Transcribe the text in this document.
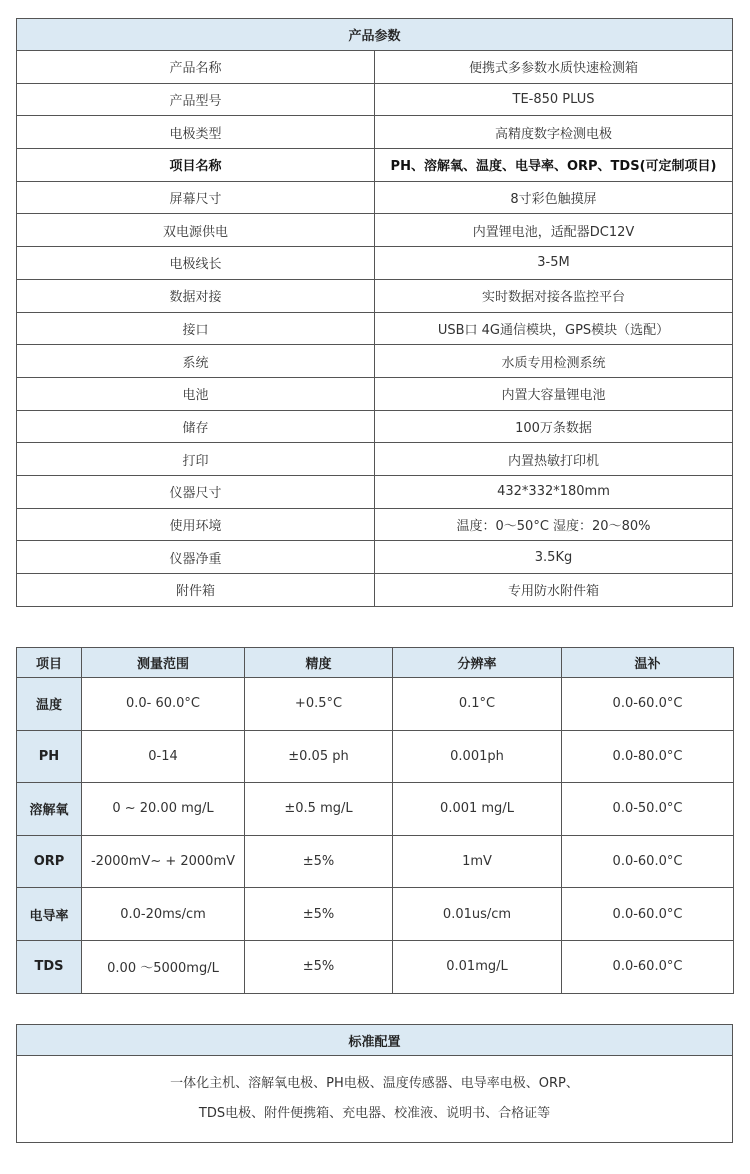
产品参数	
产品名称	便携式多参数水质快速检测箱
产品型号	TE-850 PLUS
电极类型	高精度数字检测电极
项目名称	PH、溶解氧、温度、电导率、ORP、TDS(可定制项目)
屏幕尺寸	8寸彩色触摸屏
双电源供电	内置锂电池，适配器DC12V
电极线长	3-5M
数据对接	实时数据对接各监控平台
接口	USB口 4G通信模块，GPS模块（选配）
系统	水质专用检测系统
电池	内置大容量锂电池
储存	100万条数据
打印	内置热敏打印机
仪器尺寸	432*332*180mm
使用环境	温度：0～50°C 湿度：20～80%
仪器净重	3.5Kg
附件箱	专用防水附件箱
项目	测量范围	精度	分辨率	温补
温度	0.0- 60.0°C	+0.5°C	0.1°C	0.0-60.0°C
PH	0-14	±0.05 ph	0.001ph	0.0-80.0°C
溶解氧	0 ~ 20.00 mg/L	±0.5 mg/L	0.001 mg/L	0.0-50.0°C
ORP	-2000mV~ + 2000mV	±5%	1mV	0.0-60.0°C
电导率	0.0-20ms/cm	±5%	0.01us/cm	0.0-60.0°C
TDS	0.00 ～5000mg/L	±5%	0.01mg/L	0.0-60.0°C
标准配置

一体化主机、溶解氧电极、PH电极、温度传感器、电导率电极、ORP、
TDS电极、附件便携箱、充电器、校准液、说明书、合格证等
